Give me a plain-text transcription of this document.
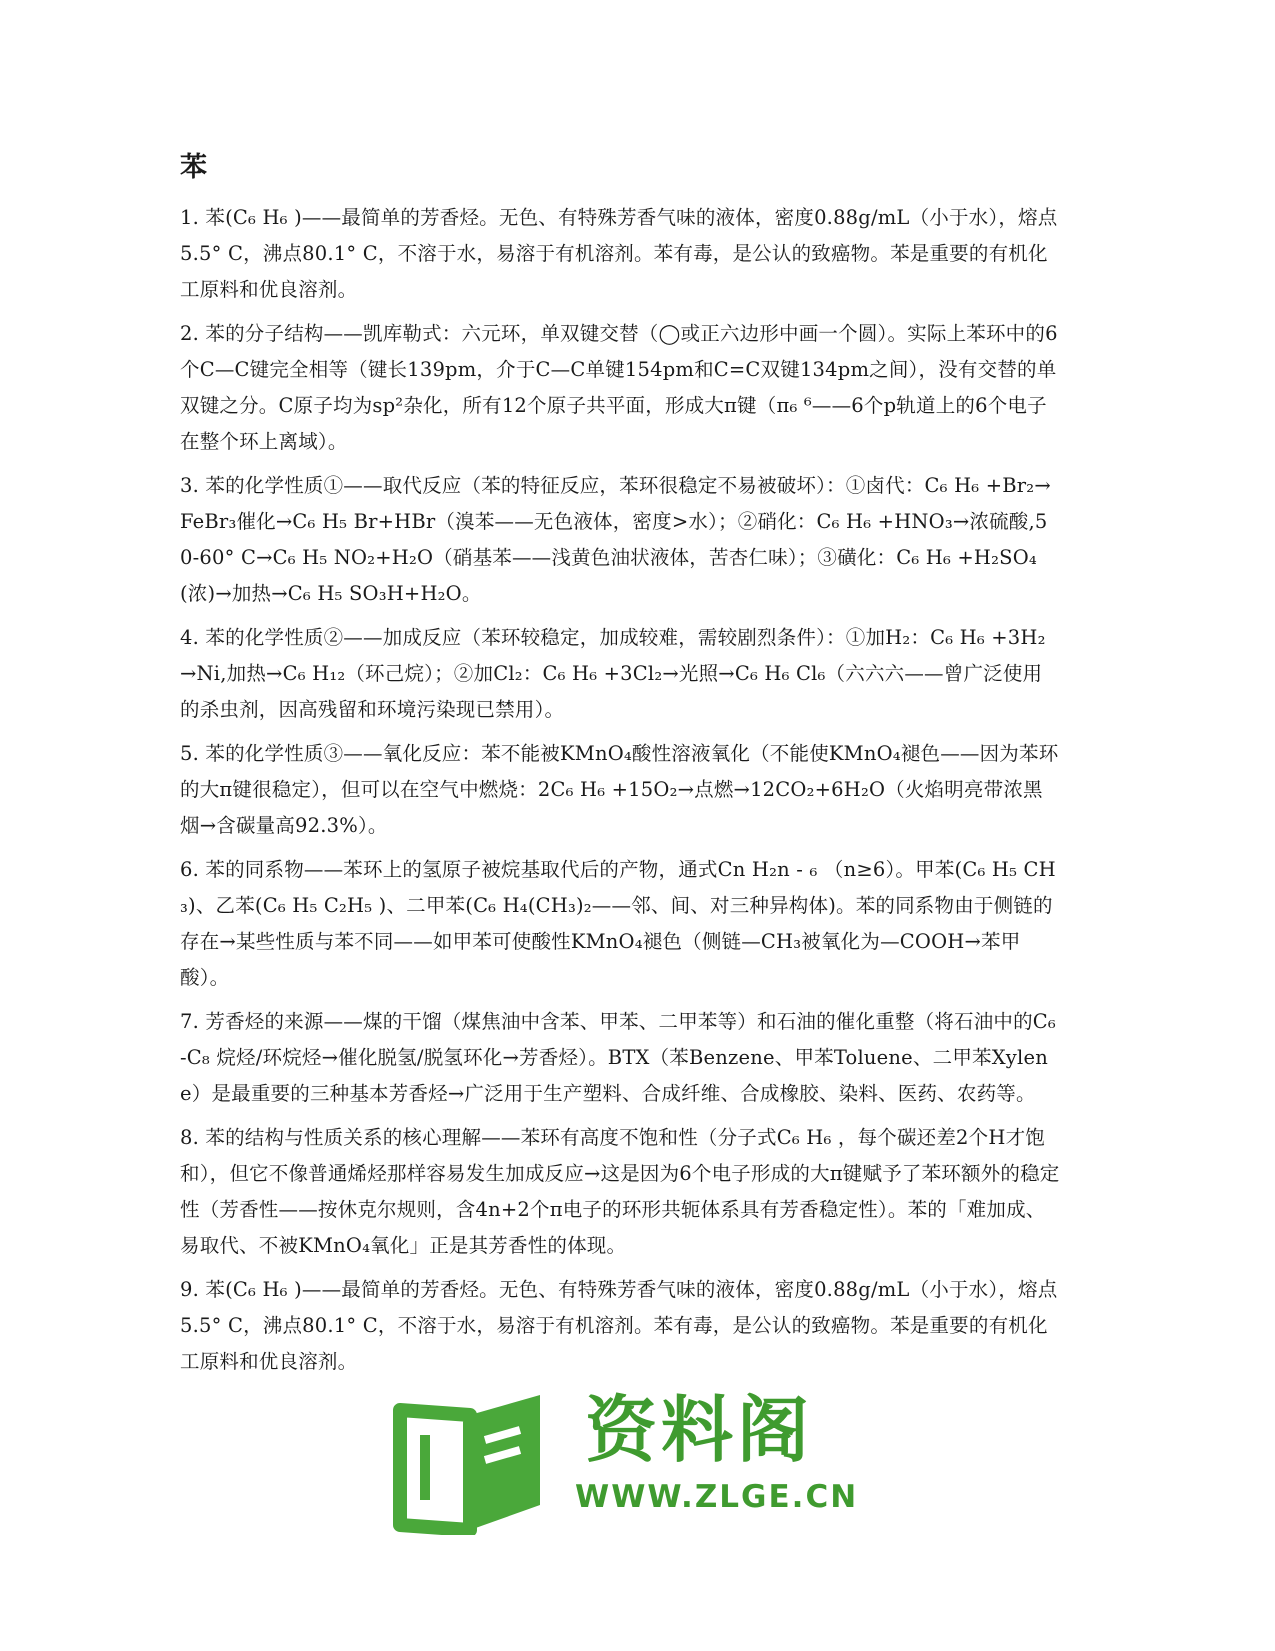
苯

1. 苯(C₆ H₆ )——最简单的芳香烃。无色、有特殊芳香气味的液体，密度0.88g/mL（小于水），熔点5.5° C，沸点80.1° C，不溶于水，易溶于有机溶剂。苯有毒，是公认的致癌物。苯是重要的有机化工原料和优良溶剂。

2. 苯的分子结构——凯库勒式：六元环，单双键交替（◯或正六边形中画一个圆）。实际上苯环中的6个C—C键完全相等（键长139pm，介于C—C单键154pm和C=C双键134pm之间），没有交替的单双键之分。C原子均为sp²杂化，所有12个原子共平面，形成大π键（π₆ ⁶——6个p轨道上的6个电子在整个环上离域）。

3. 苯的化学性质①——取代反应（苯的特征反应，苯环很稳定不易被破坏）：①卤代：C₆ H₆ +Br₂→FeBr₃催化→C₆ H₅ Br+HBr（溴苯——无色液体，密度>水）；②硝化：C₆ H₆ +HNO₃→浓硫酸,50-60° C→C₆ H₅ NO₂+H₂O（硝基苯——浅黄色油状液体，苦杏仁味）；③磺化：C₆ H₆ +H₂SO₄(浓)→加热→C₆ H₅ SO₃H+H₂O。

4. 苯的化学性质②——加成反应（苯环较稳定，加成较难，需较剧烈条件）：①加H₂：C₆ H₆ +3H₂→Ni,加热→C₆ H₁₂（环己烷）；②加Cl₂：C₆ H₆ +3Cl₂→光照→C₆ H₆ Cl₆（六六六——曾广泛使用的杀虫剂，因高残留和环境污染现已禁用）。

5. 苯的化学性质③——氧化反应：苯不能被KMnO₄酸性溶液氧化（不能使KMnO₄褪色——因为苯环的大π键很稳定），但可以在空气中燃烧：2C₆ H₆ +15O₂→点燃→12CO₂+6H₂O（火焰明亮带浓黑烟→含碳量高92.3%）。

6. 苯的同系物——苯环上的氢原子被烷基取代后的产物，通式Cn H₂n - ₆ （n≥6）。甲苯(C₆ H₅ CH₃)、乙苯(C₆ H₅ C₂H₅ )、二甲苯(C₆ H₄(CH₃)₂——邻、间、对三种异构体)。苯的同系物由于侧链的存在→某些性质与苯不同——如甲苯可使酸性KMnO₄褪色（侧链—CH₃被氧化为—COOH→苯甲酸）。

7. 芳香烃的来源——煤的干馏（煤焦油中含苯、甲苯、二甲苯等）和石油的催化重整（将石油中的C₆ -C₈ 烷烃/环烷烃→催化脱氢/脱氢环化→芳香烃）。BTX（苯Benzene、甲苯Toluene、二甲苯Xylene）是最重要的三种基本芳香烃→广泛用于生产塑料、合成纤维、合成橡胶、染料、医药、农药等。

8. 苯的结构与性质关系的核心理解——苯环有高度不饱和性（分子式C₆ H₆ ，每个碳还差2个H才饱和），但它不像普通烯烃那样容易发生加成反应→这是因为6个电子形成的大π键赋予了苯环额外的稳定性（芳香性——按休克尔规则，含4n+2个π电子的环形共轭体系具有芳香稳定性）。苯的「难加成、易取代、不被KMnO₄氧化」正是其芳香性的体现。

9. 苯(C₆ H₆ )——最简单的芳香烃。无色、有特殊芳香气味的液体，密度0.88g/mL（小于水），熔点5.5° C，沸点80.1° C，不溶于水，易溶于有机溶剂。苯有毒，是公认的致癌物。苯是重要的有机化工原料和优良溶剂。

资料阁
WWW.ZLGE.CN
